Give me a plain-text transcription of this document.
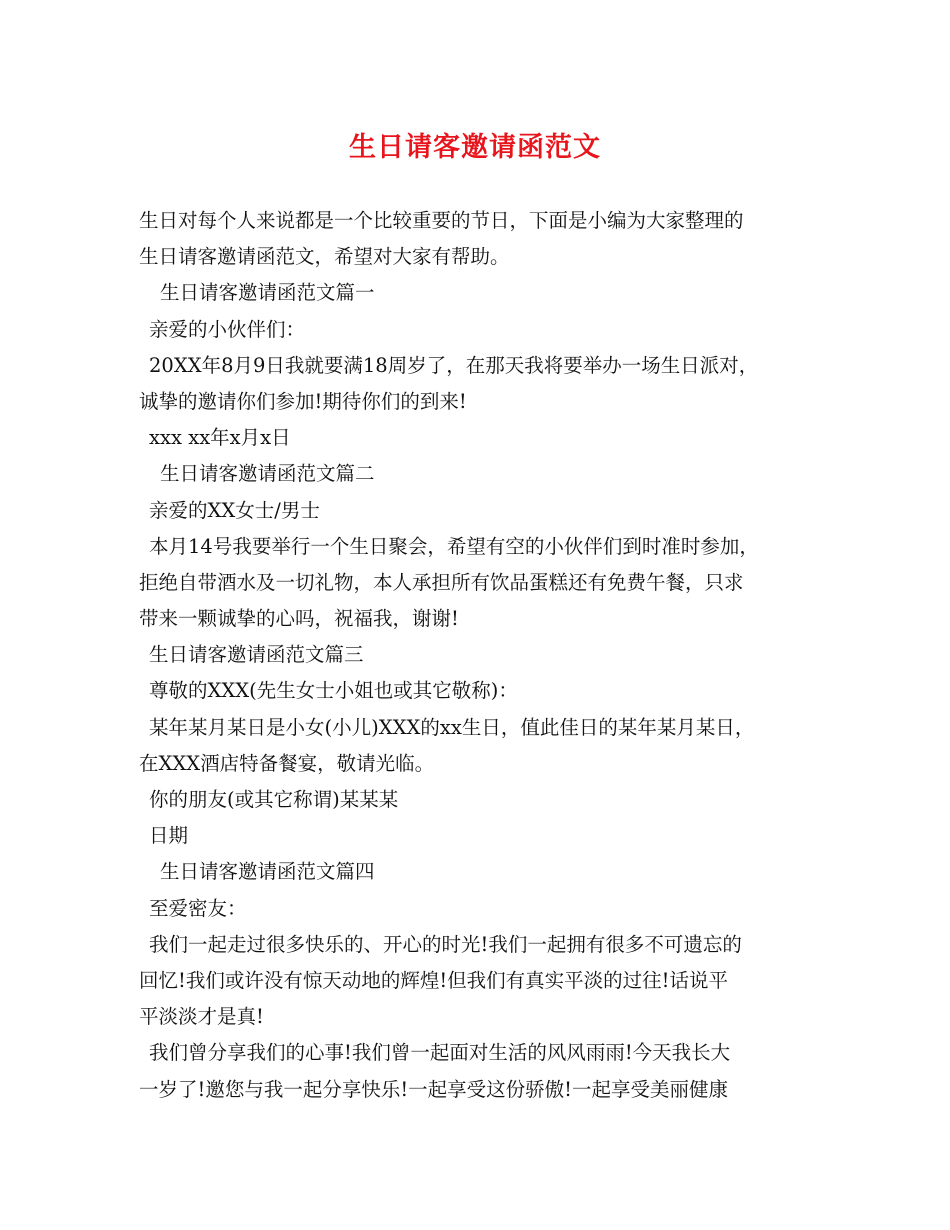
生日请客邀请函范文
生日对每个人来说都是一个比较重要的节日，下面是小编为大家整理的
生日请客邀请函范文，希望对大家有帮助。
生日请客邀请函范文篇一
亲爱的小伙伴们：
20XX年8月9日我就要满18周岁了，在那天我将要举办一场生日派对，
诚挚的邀请你们参加!期待你们的到来!
xxx xx年x月x日
生日请客邀请函范文篇二
亲爱的XX女士/男士
本月14号我要举行一个生日聚会，希望有空的小伙伴们到时准时参加，
拒绝自带酒水及一切礼物，本人承担所有饮品蛋糕还有免费午餐，只求
带来一颗诚挚的心吗，祝福我，谢谢!
生日请客邀请函范文篇三
尊敬的XXX(先生女士小姐也或其它敬称)：
某年某月某日是小女(小儿)XXX的xx生日，值此佳日的某年某月某日，
在XXX酒店特备餐宴，敬请光临。
你的朋友(或其它称谓)某某某
日期
生日请客邀请函范文篇四
至爱密友：
我们一起走过很多快乐的、开心的时光!我们一起拥有很多不可遗忘的
回忆!我们或许没有惊天动地的辉煌!但我们有真实平淡的过往!话说平
平淡淡才是真!
我们曾分享我们的心事!我们曾一起面对生活的风风雨雨!今天我长大
一岁了!邀您与我一起分享快乐!一起享受这份骄傲!一起享受美丽健康
